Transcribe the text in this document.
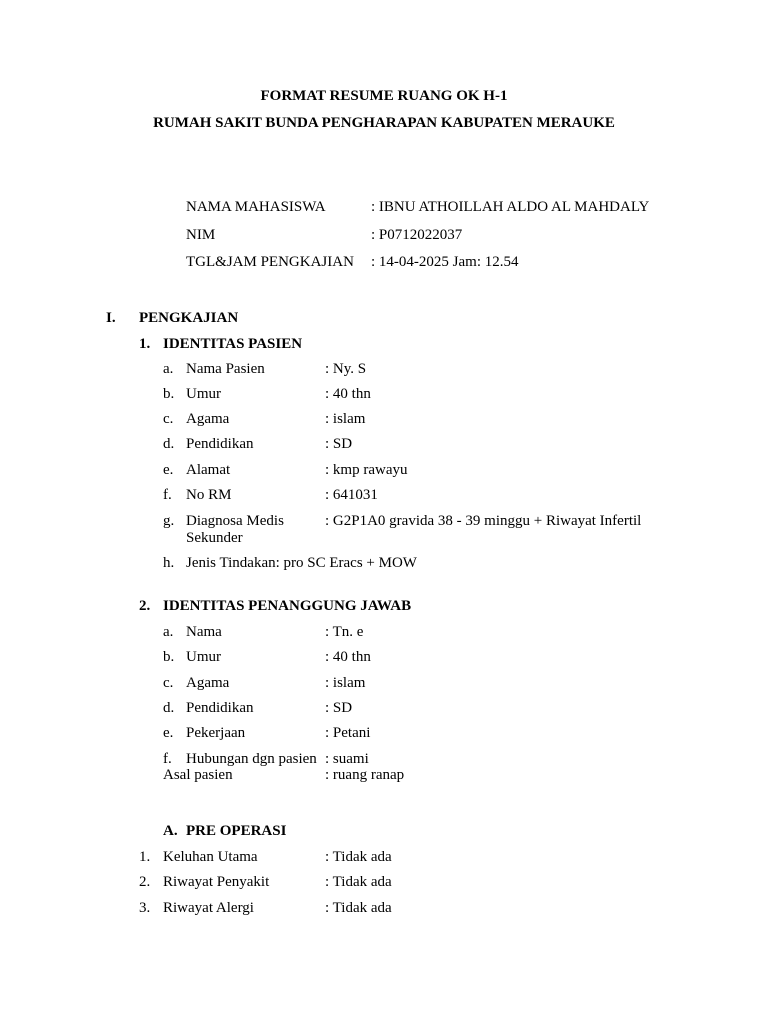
FORMAT RESUME RUANG OK H-1
RUMAH SAKIT BUNDA PENGHARAPAN KABUPATEN MERAUKE
NAMA MAHASISWA	: IBNU ATHOILLAH ALDO AL MAHDALY
NIM	: P0712022037
TGL&JAM PENGKAJIAN : 14-04-2025 Jam: 12.54
I. PENGKAJIAN
1. IDENTITAS PASIEN
a. Nama Pasien	: Ny. S
b. Umur	: 40 thn
c. Agama	: islam
d. Pendidikan	: SD
e. Alamat	: kmp rawayu
f. No RM	: 641031
g. Diagnosa Medis
Sekunder
: G2P1A0 gravida 38 - 39 minggu + Riwayat Infertil
h. Jenis Tindakan: pro SC Eracs + MOW
2. IDENTITAS PENANGGUNG JAWAB
a. Nama	: Tn. e
b. Umur	: 40 thn
c. Agama	: islam
d. Pendidikan	: SD
e. Pekerjaan	: Petani
f. Hubungan dgn pasien : suami
Asal pasien	: ruang ranap
A. PRE OPERASI
1. Keluhan Utama	: Tidak ada
2. Riwayat Penyakit	: Tidak ada
3. Riwayat Alergi	: Tidak ada
